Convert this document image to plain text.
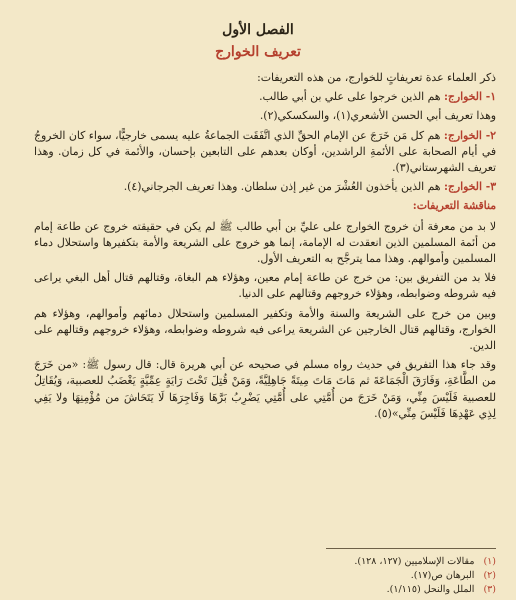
الفصل الأول
تعريف الخوارج

ذكر العلماء عدة تعريفاتٍ للخوارج، من هذه التعريفات:

١- الخوارج: هم الذين خرجوا على علي بن أبي طالب.

وهذا تعريف أبي الحسن الأشعري(١)، والسكسكي(٢).

٢- الخوارج: هم كل مَن خَرَجَ عن الإمام الحقِّ الذي اتَّفَقَت الجماعةُ عليه يسمى خارجيًّا، سواء كان الخروجُ في أيام الصحابة على الأئمةِ الراشدين، أوكان بعدهم على التابعين بإحسان، والأئمة في كل زمان. وهذا تعريف الشهرستاني(٣).

٣- الخوارج: هم الذين يأخذون العُشْرَ من غير إذن سلطان. وهذا تعريف الجرجاني(٤).

مناقشة التعريفات:

لا بد من معرفة أن خروج الخوارج على عليِّ بن أبي طالب ﷺ لم يكن في حقيقته خروج عن طاعة إمام من أئمة المسلمين الذين انعقدت له الإمامة، إنما هو خروج على الشريعة والأمة بتكفيرها واستحلال دماء المسلمين وأموالهم. وهذا مما يترجَّح به التعريف الأول.

فلا بد من التفريق بين: من خرج عن طاعة إمام معين، وهؤلاء هم البغاة، وقتالهم قتال أهل البغي يراعى فيه شروطه وضوابطه، وهؤلاء خروجهم وقتالهم على الدنيا.

وبين من خرج على الشريعة والسنة والأمة وتكفير المسلمين واستحلال دمائهم وأموالهم، وهؤلاء هم الخوارج، وقتالهم قتال الخارجين عن الشريعة يراعى فيه شروطه وضوابطه، وهؤلاء خروجهم وقتالهم على الدين.

وقد جاء هذا التفريق في حديث رواه مسلم في صحيحه عن أبي هريرة قال: قال رسول ﷺ: «من خَرَجَ من الطَّاعَةِ، وَفَارَقَ الْجَمَاعَةَ ثم مَاتَ مَاتَ مِيتَةً جَاهِلِيَّةً، وَمَنْ قُتِلَ تَحْتَ رَايَةٍ عِمِّيَّةٍ يَغْضَبُ للعصبية، وَيُقَاتِلُ للعصبية فَلَيْسَ مِنِّي، وَمَنْ خَرَجَ من أُمَّتِي على أُمَّتِي يَضْرِبُ بَرَّهَا وَفَاجِرَهَا لَا يَتَحَاشَ من مُؤْمِنِهَا ولا يَفِي لِذِي عَهْدِهَا فَلَيْسَ مِنِّي»(٥).

(١) مقالات الإسلاميين (١٢٧، ١٢٨).

(٢) البرهان ص(١٧).

(٣) الملل والنحل (١/١١٥).
